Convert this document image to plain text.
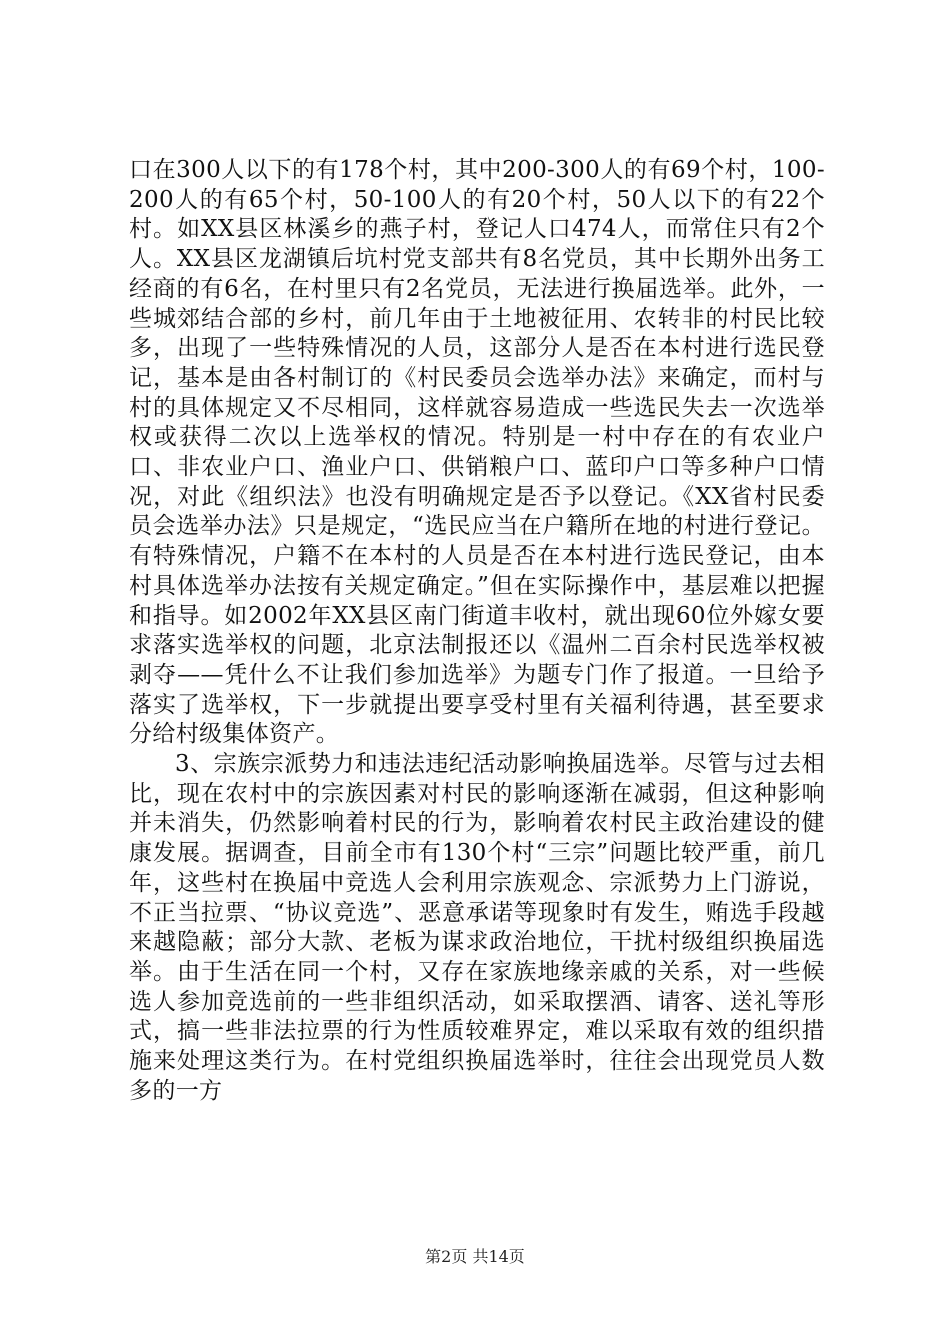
口在300人以下的有178个村，其中200-300人的有69个村，100-200人的有65个村，50-100人的有20个村，50人以下的有22个村。如XX县区林溪乡的燕子村，登记人口474人，而常住只有2个人。XX县区龙湖镇后坑村党支部共有8名党员，其中长期外出务工经商的有6名，在村里只有2名党员，无法进行换届选举。此外，一些城郊结合部的乡村，前几年由于土地被征用、农转非的村民比较多，出现了一些特殊情况的人员，这部分人是否在本村进行选民登记，基本是由各村制订的《村民委员会选举办法》来确定，而村与村的具体规定又不尽相同，这样就容易造成一些选民失去一次选举权或获得二次以上选举权的情况。特别是一村中存在的有农业户口、非农业户口、渔业户口、供销粮户口、蓝印户口等多种户口情况，对此《组织法》也没有明确规定是否予以登记。《XX省村民委员会选举办法》只是规定，“选民应当在户籍所在地的村进行登记。有特殊情况，户籍不在本村的人员是否在本村进行选民登记，由本村具体选举办法按有关规定确定。”但在实际操作中，基层难以把握和指导。如2002年XX县区南门街道丰收村，就出现60位外嫁女要求落实选举权的问题，北京法制报还以《温州二百余村民选举权被剥夺——凭什么不让我们参加选举》为题专门作了报道。一旦给予落实了选举权，下一步就提出要享受村里有关福利待遇，甚至要求分给村级集体资产。

3、宗族宗派势力和违法违纪活动影响换届选举。尽管与过去相比，现在农村中的宗族因素对村民的影响逐渐在减弱，但这种影响并未消失，仍然影响着村民的行为，影响着农村民主政治建设的健康发展。据调查，目前全市有130个村“三宗”问题比较严重，前几年，这些村在换届中竞选人会利用宗族观念、宗派势力上门游说，不正当拉票、“协议竞选”、恶意承诺等现象时有发生，贿选手段越来越隐蔽；部分大款、老板为谋求政治地位，干扰村级组织换届选举。由于生活在同一个村，又存在家族地缘亲戚的关系，对一些候选人参加竞选前的一些非组织活动，如采取摆酒、请客、送礼等形式，搞一些非法拉票的行为性质较难界定，难以采取有效的组织措施来处理这类行为。在村党组织换届选举时，往往会出现党员人数多的一方

第2页 共14页
